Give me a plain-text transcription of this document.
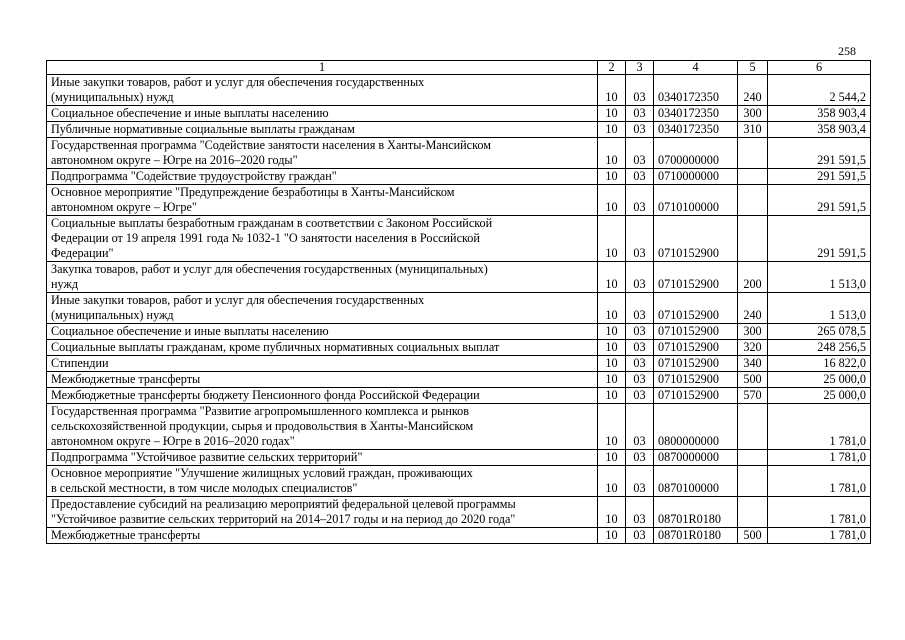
258
1	2	3	4	5	6

Иные закупки товаров, работ и услуг для обеспечения государственных
(муниципальных) нужд	10	03	0340172350	240	2 544,2

Социальное обеспечение и иные выплаты населению	10	03	0340172350	300	358 903,4

Публичные нормативные социальные выплаты гражданам	10	03	0340172350	310	358 903,4

Государственная программа "Содействие занятости населения в Ханты-Мансийском
автономном округе – Югре на 2016–2020 годы"	10	03	0700000000		291 591,5

Подпрограмма "Содействие трудоустройству граждан"	10	03	0710000000		291 591,5

Основное мероприятие "Предупреждение безработицы в Ханты-Мансийском
автономном округе – Югре"	10	03	0710100000		291 591,5

Социальные выплаты безработным гражданам в соответствии с Законом Российской
Федерации от 19 апреля 1991 года № 1032-1 "О занятости населения в Российской
Федерации"	10	03	0710152900		291 591,5

Закупка товаров, работ и услуг для обеспечения государственных (муниципальных)
нужд	10	03	0710152900	200	1 513,0

Иные закупки товаров, работ и услуг для обеспечения государственных
(муниципальных) нужд	10	03	0710152900	240	1 513,0

Социальное обеспечение и иные выплаты населению	10	03	0710152900	300	265 078,5

Социальные выплаты гражданам, кроме публичных нормативных социальных выплат	10	03	0710152900	320	248 256,5

Стипендии	10	03	0710152900	340	16 822,0

Межбюджетные трансферты	10	03	0710152900	500	25 000,0

Межбюджетные трансферты бюджету Пенсионного фонда Российской Федерации	10	03	0710152900	570	25 000,0

Государственная программа "Развитие агропромышленного комплекса и рынков
сельскохозяйственной продукции, сырья и продовольствия в Ханты-Мансийском
автономном округе – Югре в 2016–2020 годах"	10	03	0800000000		1 781,0

Подпрограмма "Устойчивое развитие сельских территорий"	10	03	0870000000		1 781,0

Основное мероприятие "Улучшение жилищных условий граждан, проживающих
в сельской местности, в том числе молодых специалистов"	10	03	0870100000		1 781,0

Предоставление субсидий на реализацию мероприятий федеральной целевой программы
"Устойчивое развитие сельских территорий на 2014–2017 годы и на период до 2020 года"	10	03	08701R0180		1 781,0

Межбюджетные трансферты	10	03	08701R0180	500	1 781,0
